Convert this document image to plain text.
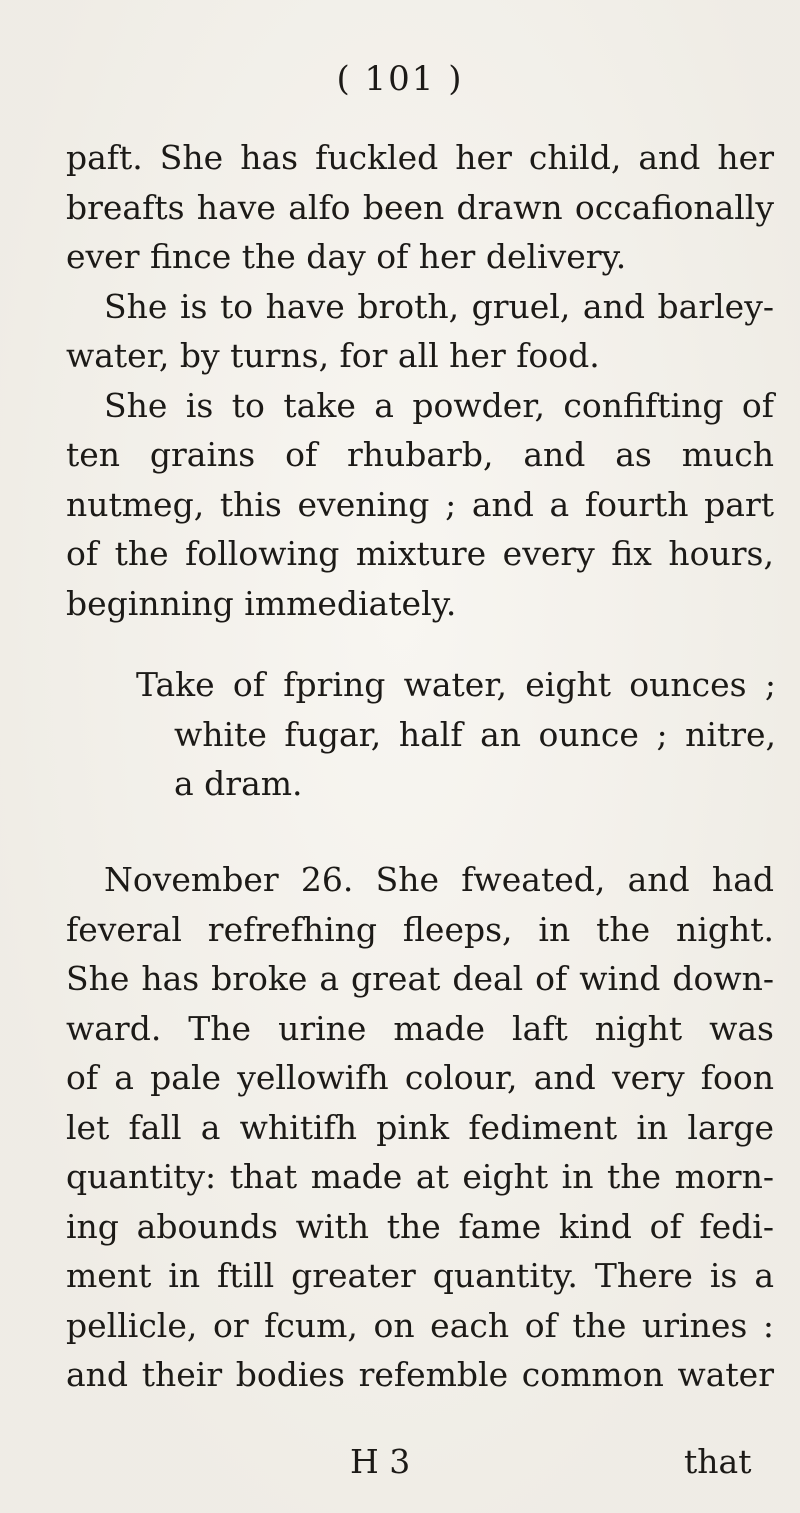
( 101 )
paft. She has fuckled her child, and her
breafts have alfo been drawn occafionally
ever fince the day of her delivery.
She is to have broth, gruel, and barley-
water, by turns, for all her food.
She is to take a powder, confifting of
ten grains of rhubarb, and as much
nutmeg, this evening ; and a fourth part
of the following mixture every fix hours,
beginning immediately.
Take of fpring water, eight ounces ;
white fugar, half an ounce ; nitre,
a dram.
November 26. She fweated, and had
feveral refrefhing fleeps, in the night.
She has broke a great deal of wind down-
ward. The urine made laft night was
of a pale yellowifh colour, and very foon
let fall a whitifh pink fediment in large
quantity: that made at eight in the morn-
ing abounds with the fame kind of fedi-
ment in ftill greater quantity. There is a
pellicle, or fcum, on each of the urines :
and their bodies refemble common water
H 3	that
